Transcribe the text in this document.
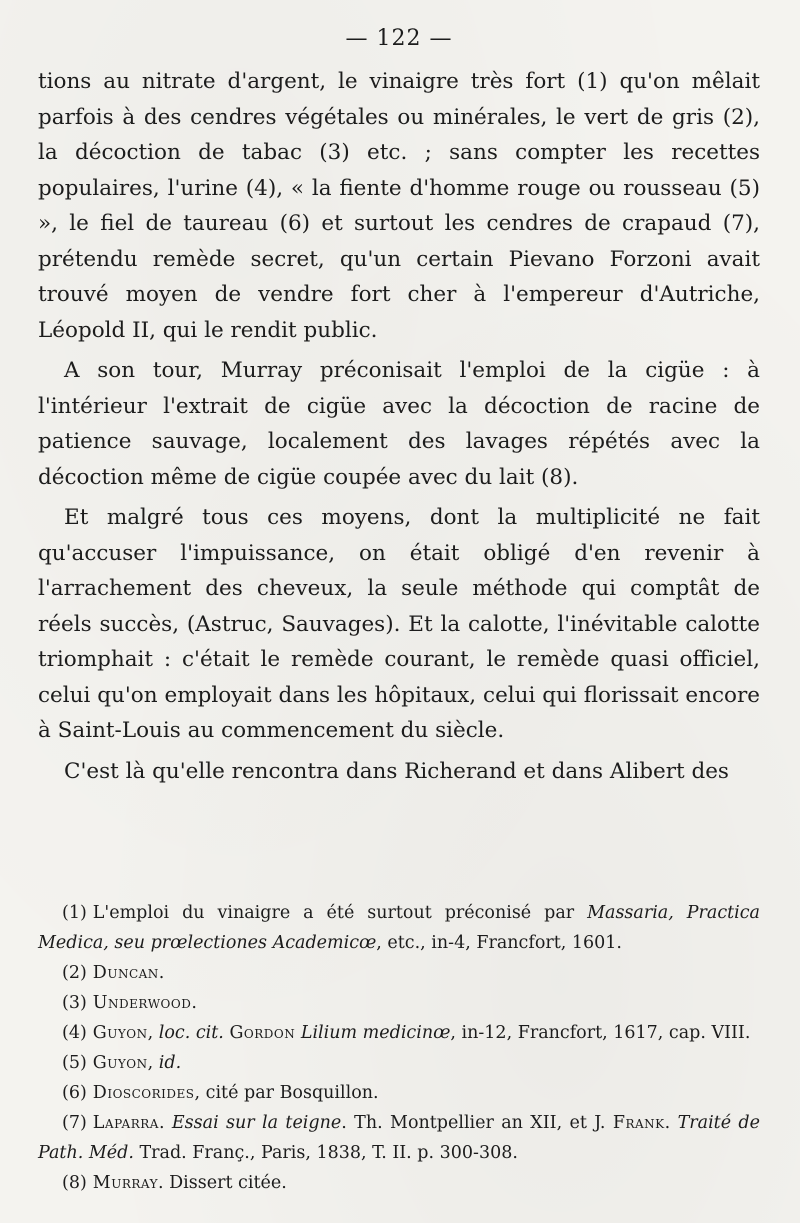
— 122 —

tions au nitrate d'argent, le vinaigre très fort (1) qu'on mêlait parfois à des cendres végétales ou minérales, le vert de gris (2), la décoction de tabac (3) etc. ; sans compter les recettes populaires, l'urine (4), « la fiente d'homme rouge ou rousseau (5) », le fiel de taureau (6) et surtout les cendres de crapaud (7), prétendu remède secret, qu'un certain Pievano Forzoni avait trouvé moyen de vendre fort cher à l'empereur d'Autriche, Léopold II, qui le rendit public.

A son tour, Murray préconisait l'emploi de la cigüe : à l'intérieur l'extrait de cigüe avec la décoction de racine de patience sauvage, localement des lavages répétés avec la décoction même de cigüe coupée avec du lait (8).

Et malgré tous ces moyens, dont la multiplicité ne fait qu'accuser l'impuissance, on était obligé d'en revenir à l'arrachement des cheveux, la seule méthode qui comptât de réels succès, (Astruc, Sauvages). Et la calotte, l'inévitable calotte triomphait : c'était le remède courant, le remède quasi officiel, celui qu'on employait dans les hôpitaux, celui qui florissait encore à Saint-Louis au commencement du siècle.

C'est là qu'elle rencontra dans Richerand et dans Alibert des

(1) L'emploi du vinaigre a été surtout préconisé par Massaria, Practica Medica, seu prœlectiones Academicœ, etc., in-4, Francfort, 1601.

(2) Duncan.

(3) Underwood.

(4) Guyon, loc. cit. Gordon Lilium medicinœ, in-12, Francfort, 1617, cap. VIII.

(5) Guyon, id.

(6) Dioscorides, cité par Bosquillon.

(7) Laparra. Essai sur la teigne. Th. Montpellier an XII, et J. Frank. Traité de Path. Méd. Trad. Franç., Paris, 1838, T. II. p. 300-308.

(8) Murray. Dissert citée.
